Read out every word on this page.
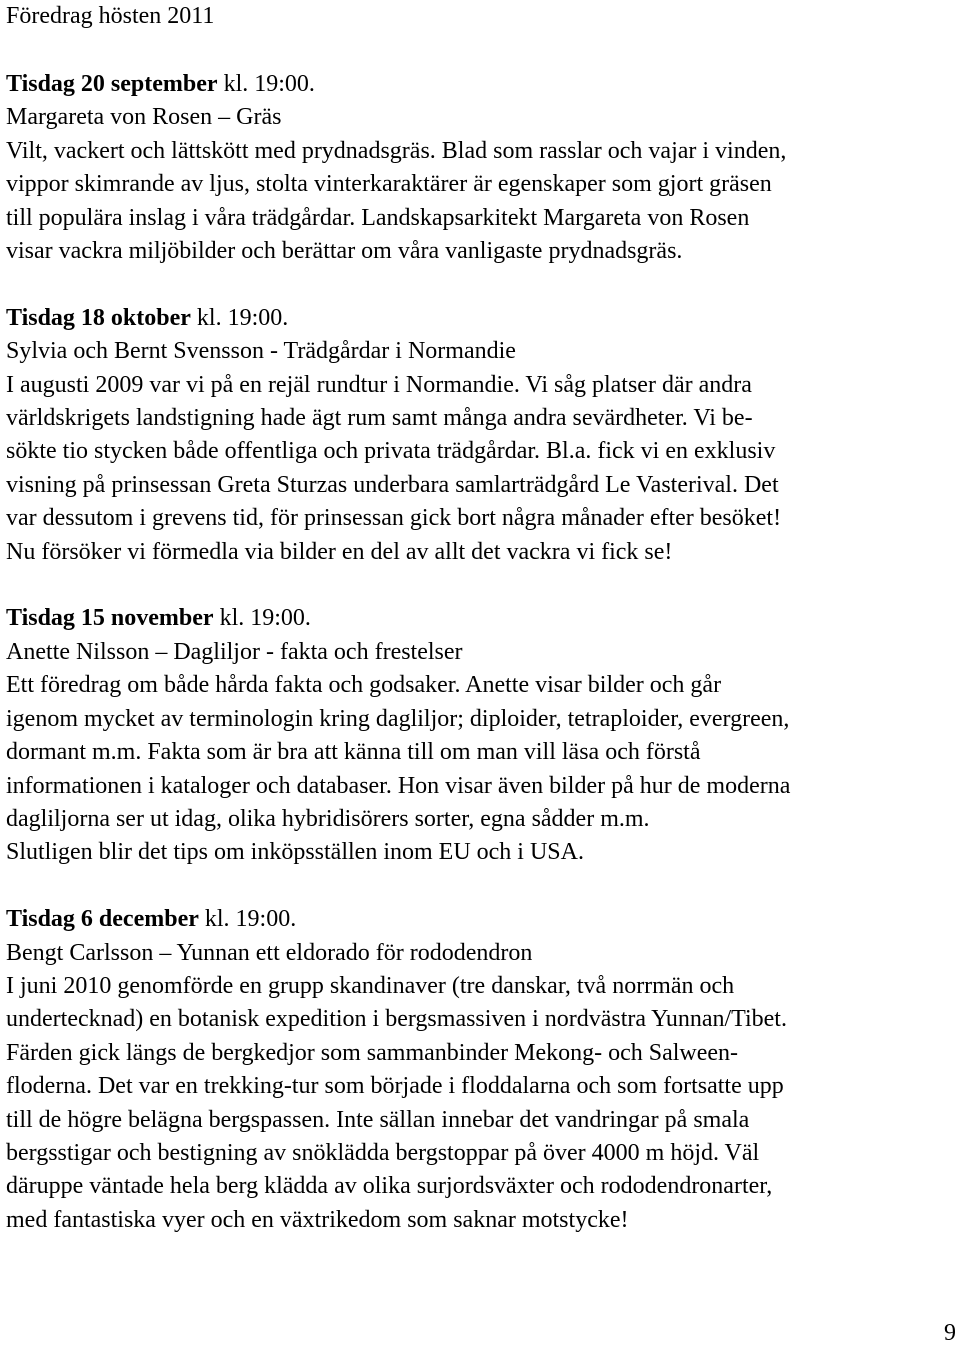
Föredrag hösten 2011

Tisdag 20 september kl. 19:00.

Margareta von Rosen – Gräs

Vilt, vackert och lättskött med prydnadsgräs. Blad som rasslar och vajar i vinden,

vippor skimrande av ljus, stolta vinterkaraktärer är egenskaper som gjort gräsen

till populära inslag i våra trädgårdar. Landskapsarkitekt Margareta von Rosen

visar vackra miljöbilder och berättar om våra vanligaste prydnadsgräs.

Tisdag 18 oktober kl. 19:00.

Sylvia och Bernt Svensson - Trädgårdar i Normandie

I augusti 2009 var vi på en rejäl rundtur i Normandie. Vi såg platser där andra

världskrigets landstigning hade ägt rum samt många andra sevärdheter. Vi be-

sökte tio stycken både offentliga och privata trädgårdar. Bl.a. fick vi en exklusiv

visning på prinsessan Greta Sturzas underbara samlarträdgård Le Vasterival. Det

var dessutom i grevens tid, för prinsessan gick bort några månader efter besöket!

Nu försöker vi förmedla via bilder en del av allt det vackra vi fick se!

Tisdag 15 november kl. 19:00.

Anette Nilsson – Dagliljor - fakta och frestelser

Ett föredrag om både hårda fakta och godsaker. Anette visar bilder och går

igenom mycket av terminologin kring dagliljor; diploider, tetraploider, evergreen,

dormant m.m. Fakta som är bra att känna till om man vill läsa och förstå

informationen i kataloger och databaser. Hon visar även bilder på hur de moderna

dagliljorna ser ut idag, olika hybridisörers sorter, egna sådder m.m.

Slutligen blir det tips om inköpsställen inom EU och i USA.

Tisdag 6 december kl. 19:00.

Bengt Carlsson – Yunnan ett eldorado för rododendron

I juni 2010 genomförde en grupp skandinaver (tre danskar, två norrmän och

undertecknad) en botanisk expedition i bergsmassiven i nordvästra Yunnan/Tibet.

Färden gick längs de bergkedjor som sammanbinder Mekong- och Salween-

floderna. Det var en trekking-tur som började i floddalarna och som fortsatte upp

till de högre belägna bergspassen. Inte sällan innebar det vandringar på smala

bergsstigar och bestigning av snöklädda bergstoppar på över 4000 m höjd. Väl

däruppe väntade hela berg klädda av olika surjordsväxter och rododendronarter,

med fantastiska vyer och en växtrikedom som saknar motstycke!

9
